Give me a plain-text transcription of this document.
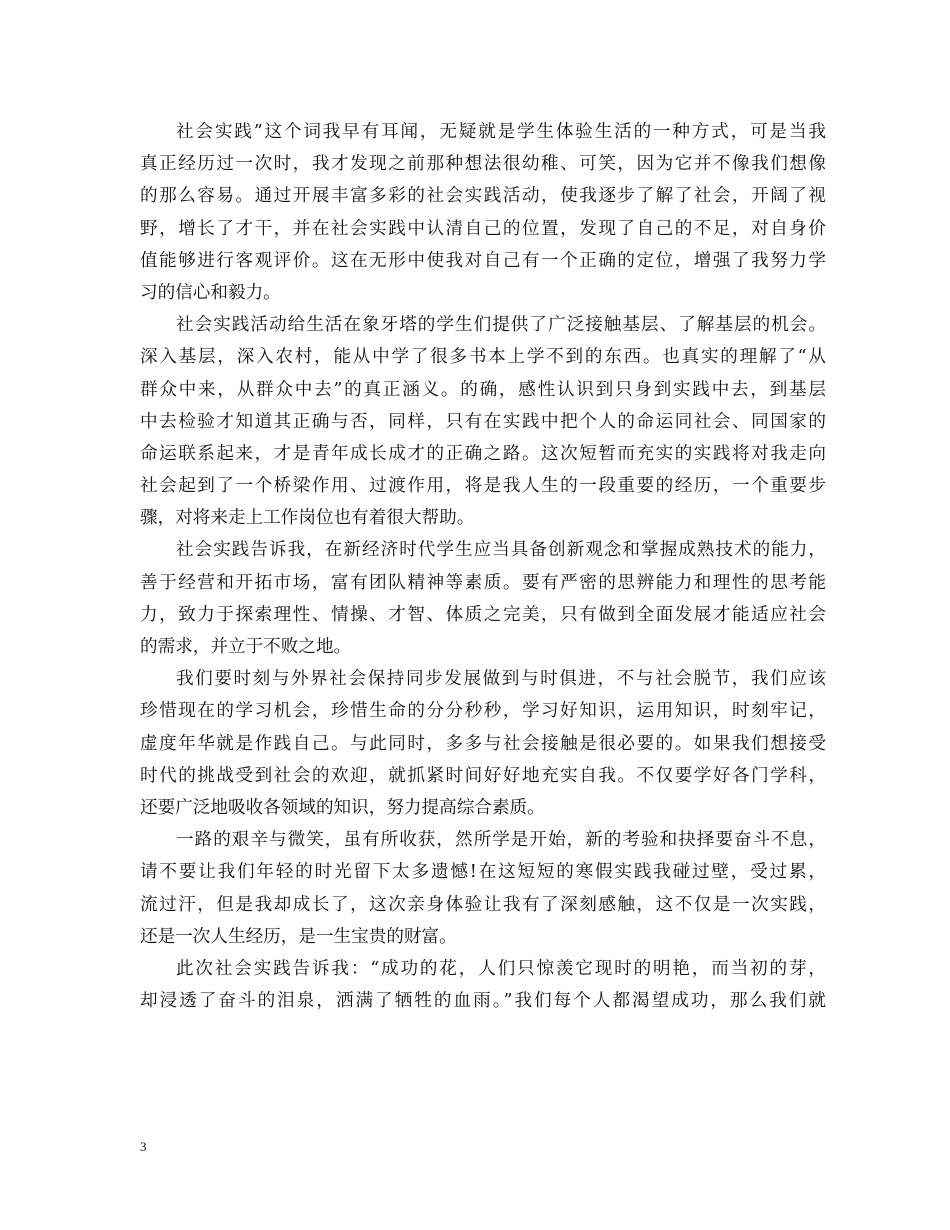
社会实践”这个词我早有耳闻，无疑就是学生体验生活的一种方式，可是当我
真正经历过一次时，我才发现之前那种想法很幼稚、可笑，因为它并不像我们想像
的那么容易。通过开展丰富多彩的社会实践活动，使我逐步了解了社会，开阔了视
野，增长了才干，并在社会实践中认清自己的位置，发现了自己的不足，对自身价
值能够进行客观评价。这在无形中使我对自己有一个正确的定位，增强了我努力学
习的信心和毅力。
社会实践活动给生活在象牙塔的学生们提供了广泛接触基层、了解基层的机会。
深入基层，深入农村，能从中学了很多书本上学不到的东西。也真实的理解了“从
群众中来，从群众中去”的真正涵义。的确，感性认识到只身到实践中去，到基层
中去检验才知道其正确与否，同样，只有在实践中把个人的命运同社会、同国家的
命运联系起来，才是青年成长成才的正确之路。这次短暂而充实的实践将对我走向
社会起到了一个桥梁作用、过渡作用，将是我人生的一段重要的经历，一个重要步
骤，对将来走上工作岗位也有着很大帮助。
社会实践告诉我，在新经济时代学生应当具备创新观念和掌握成熟技术的能力，
善于经营和开拓市场，富有团队精神等素质。要有严密的思辨能力和理性的思考能
力，致力于探索理性、情操、才智、体质之完美，只有做到全面发展才能适应社会
的需求，并立于不败之地。
我们要时刻与外界社会保持同步发展做到与时俱进，不与社会脱节，我们应该
珍惜现在的学习机会，珍惜生命的分分秒秒，学习好知识，运用知识，时刻牢记，
虚度年华就是作践自己。与此同时，多多与社会接触是很必要的。如果我们想接受
时代的挑战受到社会的欢迎，就抓紧时间好好地充实自我。不仅要学好各门学科，
还要广泛地吸收各领域的知识，努力提高综合素质。
一路的艰辛与微笑，虽有所收获，然所学是开始，新的考验和抉择要奋斗不息，
请不要让我们年轻的时光留下太多遗憾!在这短短的寒假实践我碰过壁，受过累，
流过汗，但是我却成长了，这次亲身体验让我有了深刻感触，这不仅是一次实践，
还是一次人生经历，是一生宝贵的财富。
此次社会实践告诉我：“成功的花，人们只惊羡它现时的明艳，而当初的芽，
却浸透了奋斗的泪泉，洒满了牺牲的血雨。”我们每个人都渴望成功，那么我们就
3
